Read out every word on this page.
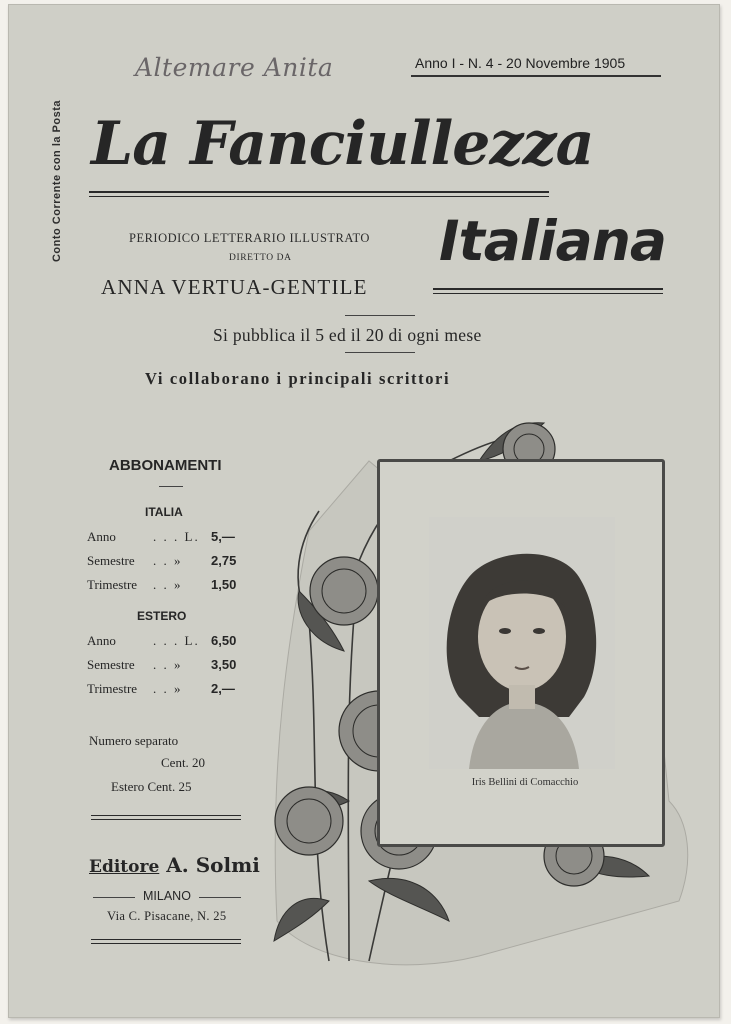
Conto Corrente con la Posta
Altemare Anita	Anno I - N. 4 - 20 Novembre 1905
La Fanciullezza
Italiana
PERIODICO LETTERARIO ILLUSTRATO
DIRETTO DA
ANNA VERTUA-GENTILE
Si pubblica il 5 ed il 20 di ogni mese
Vi collaborano i principali scrittori
ABBONAMENTI
ITALIA
Anno	. . . L. 5,—
Semestre . . » 2,75
Trimestre . . » 1,50
ESTERO
Anno	. . . L. 6,50
Semestre . . » 3,50
Trimestre . . » 2,—
Numero separato
Cent. 20
Estero Cent. 25
Editore A. Solmi
MILANO
Via C. Pisacane, N. 25
Iris Bellini di Comacchio
